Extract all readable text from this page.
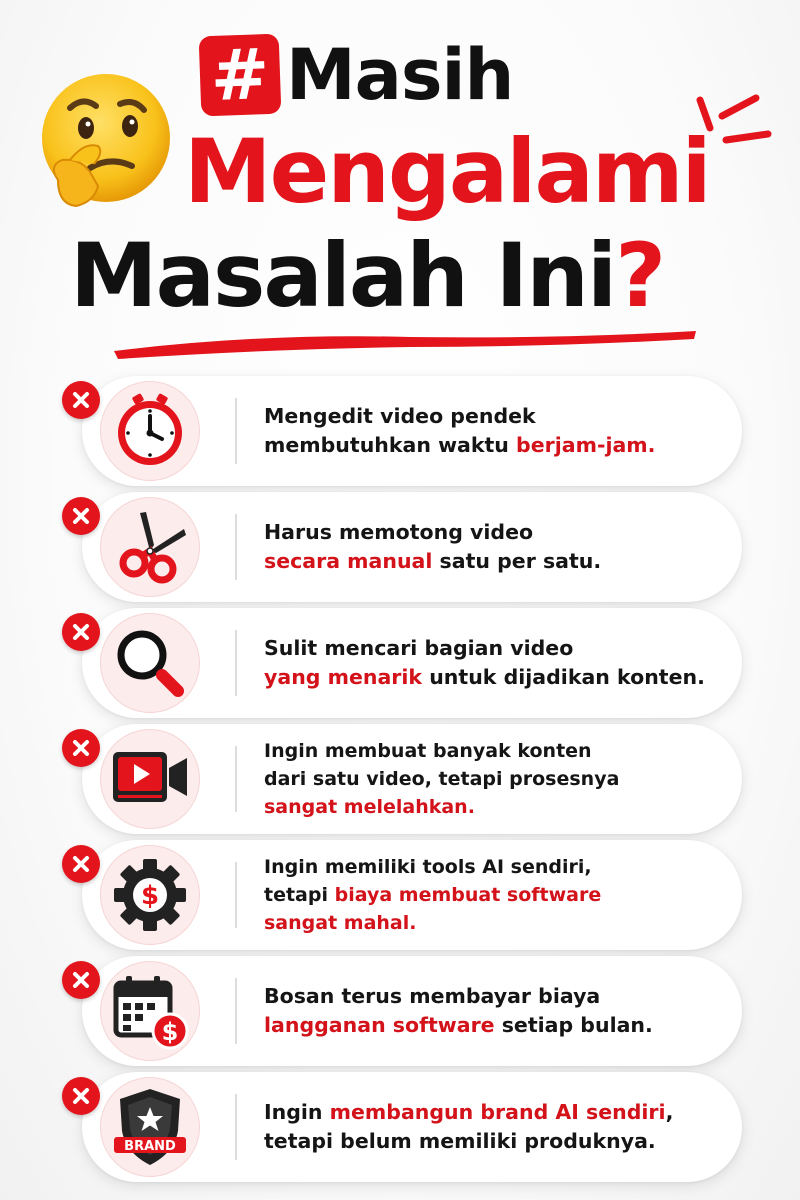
# Masih
Mengalami
Masalah Ini?
Mengedit video pendek
membutuhkan waktu berjam-jam.
Harus memotong video
secara manual satu per satu.
Sulit mencari bagian video
yang menarik untuk dijadikan konten.
Ingin membuat banyak konten
dari satu video, tetapi prosesnya
sangat melelahkan.
$
Ingin memiliki tools AI sendiri,
tetapi biaya membuat software
sangat mahal.
$
Bosan terus membayar biaya
langganan software setiap bulan.
BRAND
Ingin membangun brand AI sendiri,
tetapi belum memiliki produknya.
